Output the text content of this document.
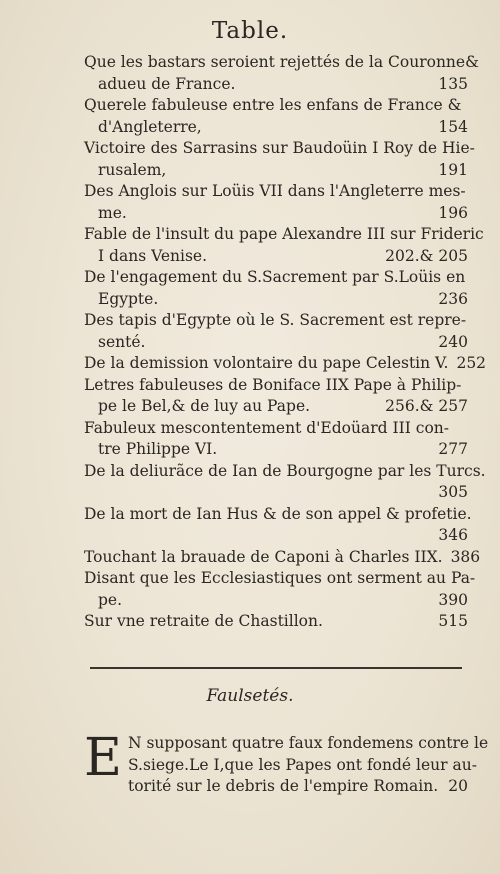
Table.
Que les bastars seroient rejettés de la Couronne&
adueu de France.	135
Querele fabuleuse entre les enfans de France &
d'Angleterre,	154
Victoire des Sarrasins sur Baudoüin I Roy de Hie-
rusalem,	191
Des Anglois sur Loüis VII dans l'Angleterre mes-
me.	196
Fable de l'insult du pape Alexandre III sur Frideric
I dans Venise.	202.& 205
De l'engagement du S.Sacrement par S.Loüis en
Egypte.	236
Des tapis d'Egypte où le S. Sacrement est repre-
senté.	240
De la demission volontaire du pape Celestin V. 252
Letres fabuleuses de Boniface IIX Pape à Philip-
pe le Bel,& de luy au Pape.	256.& 257
Fabuleux mescontentement d'Edoüard III con-
tre Philippe VI.	277
De la deliurãce de Ian de Bourgogne par les Turcs.
305
De la mort de Ian Hus & de son appel & profetie.
346
Touchant la brauade de Caponi à Charles IIX. 386
Disant que les Ecclesiastiques ont serment au Pa-
pe.	390
Sur vne retraite de Chastillon.	515
Faulsetés.
E N supposant quatre faux fondemens contre le
S.siege.Le I,que les Papes ont fondé leur au-
torité sur le debris de l'empire Romain. 20
